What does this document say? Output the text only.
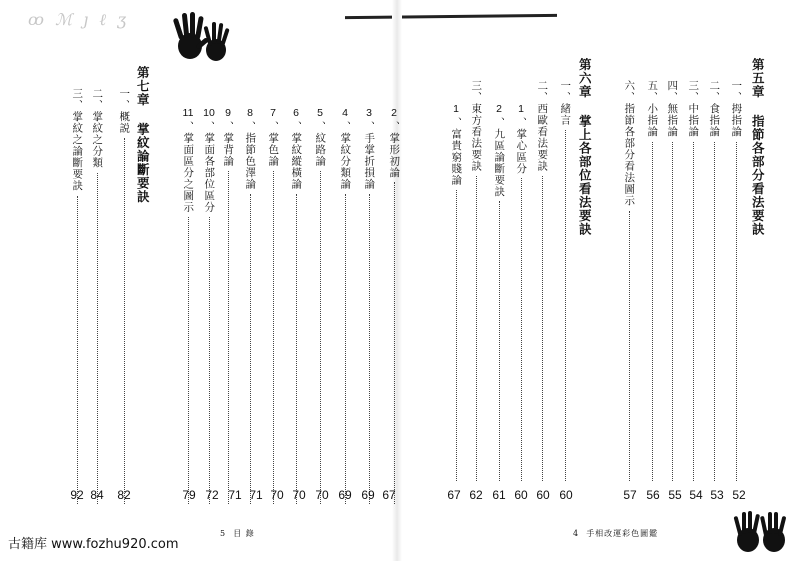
ꝏ ℳ ȷ ℓ ʒ
第七章 掌紋論斷要訣
一、概説
二、掌紋之分類
三、掌紋之論斷要訣	2
、掌形初論
3
、手掌折損論
4
、掌紋分類論
5
、紋路論
6
、掌紋縱橫論
7
、掌色論
8
、指節色澤論
9
、掌背論
10
、掌面各部位區分
11
、掌面區分之圖示
82
84
92	67
69
69
70
70
70
71
71
72
79
5 目 錄
第五章 指節各部分看法要訣
一、拇指論
二、食指論
三、中指論
四、無指論
五、小指論
六、指節各部分看法圖示
第六章 掌上各部位看法要訣
一、緒言
二、西歐看法要訣
1
、掌心區分
2
、九區論斷要訣
三、東方看法要訣
1
、富貴窮賤論
52
53
54
55
56
57
60
60
60
61
62
67
4 手相改運彩色圖鑑
古籍库 www.fozhu920.com
